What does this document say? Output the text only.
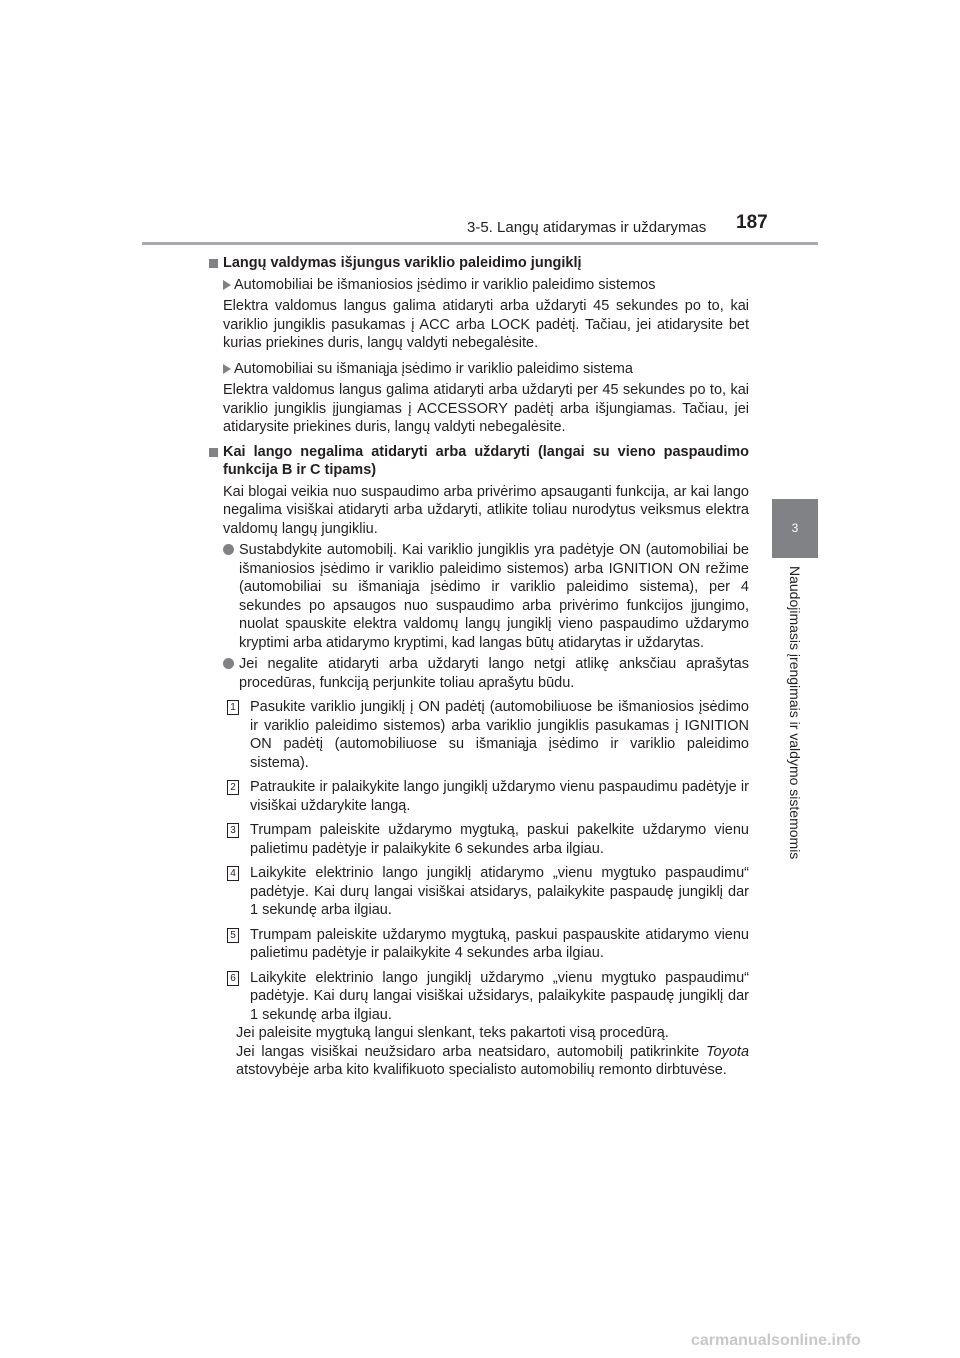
3-5. Langų atidarymas ir uždarymas 187
3
Naudojimasis įrengimais ir valdymo sistemomis

Langų valdymas išjungus variklio paleidimo jungiklį

Automobiliai be išmaniosios įsėdimo ir variklio paleidimo sistemos

Elektra valdomus langus galima atidaryti arba uždaryti 45 sekundes po to, kai variklio jungiklis pasukamas į ACC arba LOCK padėtį. Tačiau, jei atidarysite bet kurias priekines duris, langų valdyti nebegalėsite.

Automobiliai su išmaniąja įsėdimo ir variklio paleidimo sistema

Elektra valdomus langus galima atidaryti arba uždaryti per 45 sekundes po to, kai variklio jungiklis įjungiamas į ACCESSORY padėtį arba išjungiamas. Tačiau, jei atidarysite priekines duris, langų valdyti nebegalėsite.

Kai lango negalima atidaryti arba uždaryti (langai su vieno paspaudimo funkcija B ir C tipams)

Kai blogai veikia nuo suspaudimo arba privėrimo apsauganti funkcija, ar kai lango negalima visiškai atidaryti arba uždaryti, atlikite toliau nurodytus veiksmus elektra valdomų langų jungikliu.

Sustabdykite automobilį. Kai variklio jungiklis yra padėtyje ON (automobiliai be išmaniosios įsėdimo ir variklio paleidimo sistemos) arba IGNITION ON režime (automobiliai su išmaniąja įsėdimo ir variklio paleidimo sistema), per 4 sekundes po apsaugos nuo suspaudimo arba privėrimo funkcijos įjungimo, nuolat spauskite elektra valdomų langų jungiklį vieno paspaudimo uždarymo kryptimi arba atidarymo kryptimi, kad langas būtų atidarytas ir uždarytas.

Jei negalite atidaryti arba uždaryti lango netgi atlikę anksčiau aprašytas procedūras, funkciją perjunkite toliau aprašytu būdu.

1 Pasukite variklio jungiklį į ON padėtį (automobiliuose be išmaniosios įsėdimo ir variklio paleidimo sistemos) arba variklio jungiklis pasukamas į IGNITION ON padėtį (automobiliuose su išmaniąja įsėdimo ir variklio paleidimo sistema).

2 Patraukite ir palaikykite lango jungiklį uždarymo vienu paspaudimu padėtyje ir visiškai uždarykite langą.

3 Trumpam paleiskite uždarymo mygtuką, paskui pakelkite uždarymo vienu palietimu padėtyje ir palaikykite 6 sekundes arba ilgiau.

4 Laikykite elektrinio lango jungiklį atidarymo „vienu mygtuko paspaudimu“ padėtyje. Kai durų langai visiškai atsidarys, palaikykite paspaudę jungiklį dar 1 sekundę arba ilgiau.

5 Trumpam paleiskite uždarymo mygtuką, paskui paspauskite atidarymo vienu palietimu padėtyje ir palaikykite 4 sekundes arba ilgiau.

6 Laikykite elektrinio lango jungiklį uždarymo „vienu mygtuko paspaudimu“ padėtyje. Kai durų langai visiškai užsidarys, palaikykite paspaudę jungiklį dar 1 sekundę arba ilgiau.

Jei paleisite mygtuką langui slenkant, teks pakartoti visą procedūrą.

Jei langas visiškai neužsidaro arba neatsidaro, automobilį patikrinkite Toyota atstovybėje arba kito kvalifikuoto specialisto automobilių remonto dirbtuvėse.

carmanualsonline.info
